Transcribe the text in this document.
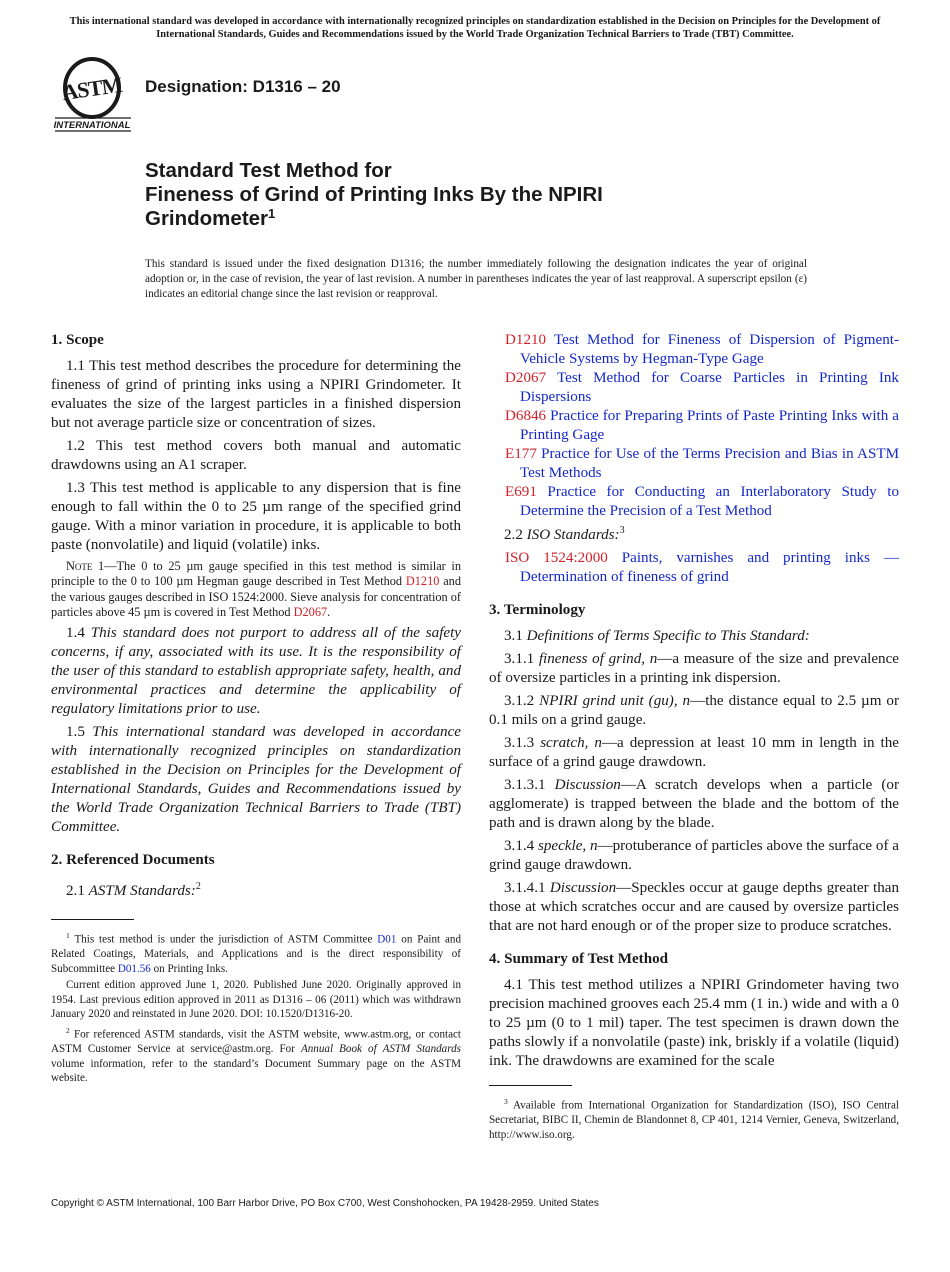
This international standard was developed in accordance with internationally recognized principles on standardization established in the Decision on Principles for the Development of International Standards, Guides and Recommendations issued by the World Trade Organization Technical Barriers to Trade (TBT) Committee.
ASTM
INTERNATIONAL
Designation: D1316 – 20
Standard Test Method for
Fineness of Grind of Printing Inks By the NPIRI
Grindometer$^1$
This standard is issued under the fixed designation D1316; the number immediately following the designation indicates the year of original adoption or, in the case of revision, the year of last revision. A number in parentheses indicates the year of last reapproval. A superscript epsilon (ε) indicates an editorial change since the last revision or reapproval.
1. Scope

1.1 This test method describes the procedure for determining the fineness of grind of printing inks using a NPIRI Grindometer. It evaluates the size of the largest particles in a finished dispersion but not average particle size or concentration of sizes.

1.2 This test method covers both manual and automatic drawdowns using an A1 scraper.

1.3 This test method is applicable to any dispersion that is fine enough to fall within the 0 to 25 µm range of the specified grind gauge. With a minor variation in procedure, it is applicable to both paste (nonvolatile) and liquid (volatile) inks.

Note 1—The 0 to 25 µm gauge specified in this test method is similar in principle to the 0 to 100 µm Hegman gauge described in Test Method D1210 and the various gauges described in ISO 1524:2000. Sieve analysis for concentration of particles above 45 µm is covered in Test Method D2067.

1.4 This standard does not purport to address all of the safety concerns, if any, associated with its use. It is the responsibility of the user of this standard to establish appropriate safety, health, and environmental practices and determine the applicability of regulatory limitations prior to use.

1.5 This international standard was developed in accordance with internationally recognized principles on standardization established in the Decision on Principles for the Development of International Standards, Guides and Recommendations issued by the World Trade Organization Technical Barriers to Trade (TBT) Committee.

2. Referenced Documents

2.1 ASTM Standards:$^2$

$^1$ This test method is under the jurisdiction of ASTM Committee D01 on Paint and Related Coatings, Materials, and Applications and is the direct responsibility of Subcommittee D01.56 on Printing Inks.

Current edition approved June 1, 2020. Published June 2020. Originally approved in 1954. Last previous edition approved in 2011 as D1316 – 06 (2011) which was withdrawn January 2020 and reinstated in June 2020. DOI: 10.1520/D1316-20.

$^2$ For referenced ASTM standards, visit the ASTM website, www.astm.org, or contact ASTM Customer Service at service@astm.org. For Annual Book of ASTM Standards volume information, refer to the standard’s Document Summary page on the ASTM website.

D1210 Test Method for Fineness of Dispersion of Pigment-Vehicle Systems by Hegman-Type Gage

D2067 Test Method for Coarse Particles in Printing Ink Dispersions

D6846 Practice for Preparing Prints of Paste Printing Inks with a Printing Gage

E177 Practice for Use of the Terms Precision and Bias in ASTM Test Methods

E691 Practice for Conducting an Interlaboratory Study to Determine the Precision of a Test Method

2.2 ISO Standards:$^3$

ISO 1524:2000 Paints, varnishes and printing inks — Determination of fineness of grind

3. Terminology

3.1 Definitions of Terms Specific to This Standard:

3.1.1 fineness of grind, n—a measure of the size and prevalence of oversize particles in a printing ink dispersion.

3.1.2 NPIRI grind unit (gu), n—the distance equal to 2.5 µm or 0.1 mils on a grind gauge.

3.1.3 scratch, n—a depression at least 10 mm in length in the surface of a grind gauge drawdown.

3.1.3.1 Discussion—A scratch develops when a particle (or agglomerate) is trapped between the blade and the bottom of the path and is drawn along by the blade.

3.1.4 speckle, n—protuberance of particles above the surface of a grind gauge drawdown.

3.1.4.1 Discussion—Speckles occur at gauge depths greater than those at which scratches occur and are caused by oversize particles that are not hard enough or of the proper size to produce scratches.

4. Summary of Test Method

4.1 This test method utilizes a NPIRI Grindometer having two precision machined grooves each 25.4 mm (1 in.) wide and with a 0 to 25 µm (0 to 1 mil) taper. The test specimen is drawn down the paths slowly if a nonvolatile (paste) ink, briskly if a volatile (liquid) ink. The drawdowns are examined for the scale

$^3$ Available from International Organization for Standardization (ISO), ISO Central Secretariat, BIBC II, Chemin de Blandonnet 8, CP 401, 1214 Vernier, Geneva, Switzerland, http://www.iso.org.

Copyright © ASTM International, 100 Barr Harbor Drive, PO Box C700, West Conshohocken, PA 19428-2959. United States
